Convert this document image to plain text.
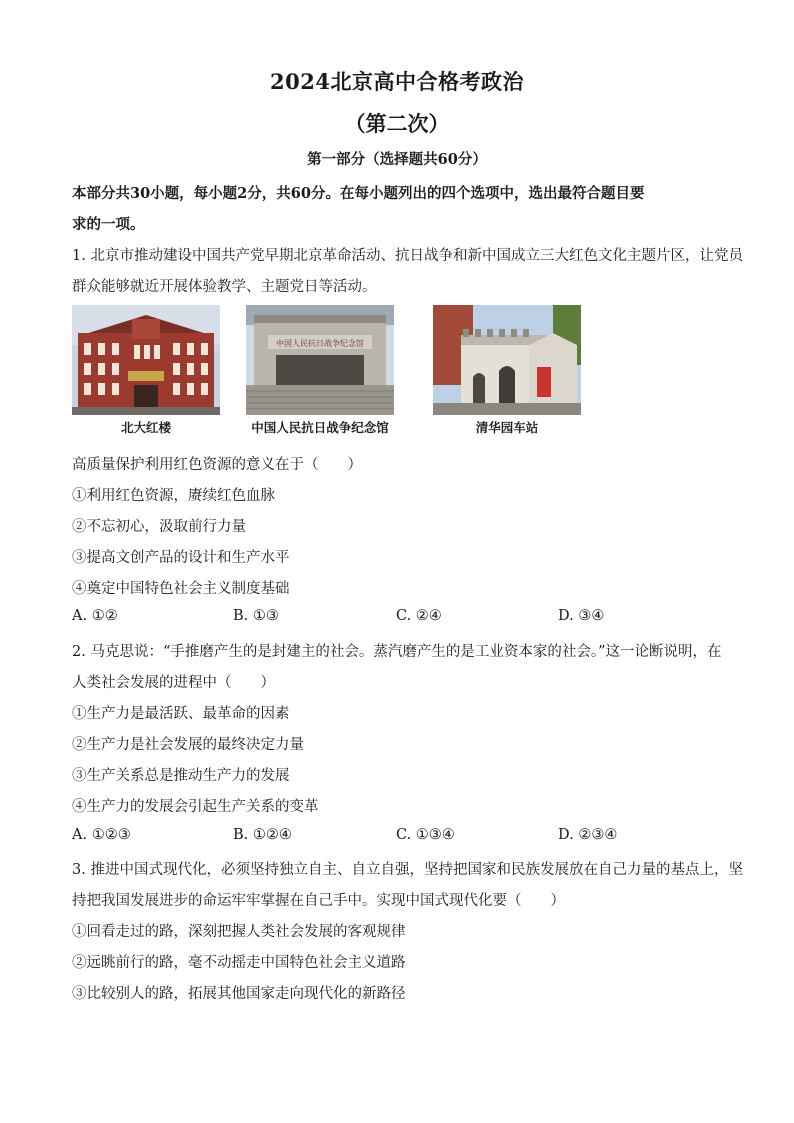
2024北京高中合格考政治
（第二次）
第一部分（选择题共60分）
本部分共30小题，每小题2分，共60分。在每小题列出的四个选项中，选出最符合题目要
求的一项。
1. 北京市推动建设中国共产党早期北京革命活动、抗日战争和新中国成立三大红色文化主题片区，让党员
群众能够就近开展体验教学、主题党日等活动。
中国人民抗日战争纪念馆
北大红楼	中国人民抗日战争纪念馆	清华园车站
高质量保护利用红色资源的意义在于（　　）
①利用红色资源，赓续红色血脉
②不忘初心，汲取前行力量
③提高文创产品的设计和生产水平
④奠定中国特色社会主义制度基础
A. ①②	B. ①③	C. ②④	D. ③④
2. 马克思说：“手推磨产生的是封建主的社会。蒸汽磨产生的是工业资本家的社会。”这一论断说明，在
人类社会发展的进程中（　　）
①生产力是最活跃、最革命的因素
②生产力是社会发展的最终决定力量
③生产关系总是推动生产力的发展
④生产力的发展会引起生产关系的变革
A. ①②③	B. ①②④	C. ①③④	D. ②③④
3. 推进中国式现代化，必须坚持独立自主、自立自强，坚持把国家和民族发展放在自己力量的基点上，坚
持把我国发展进步的命运牢牢掌握在自己手中。实现中国式现代化要（　　）
①回看走过的路，深刻把握人类社会发展的客观规律
②远眺前行的路，毫不动摇走中国特色社会主义道路
③比较别人的路，拓展其他国家走向现代化的新路径
